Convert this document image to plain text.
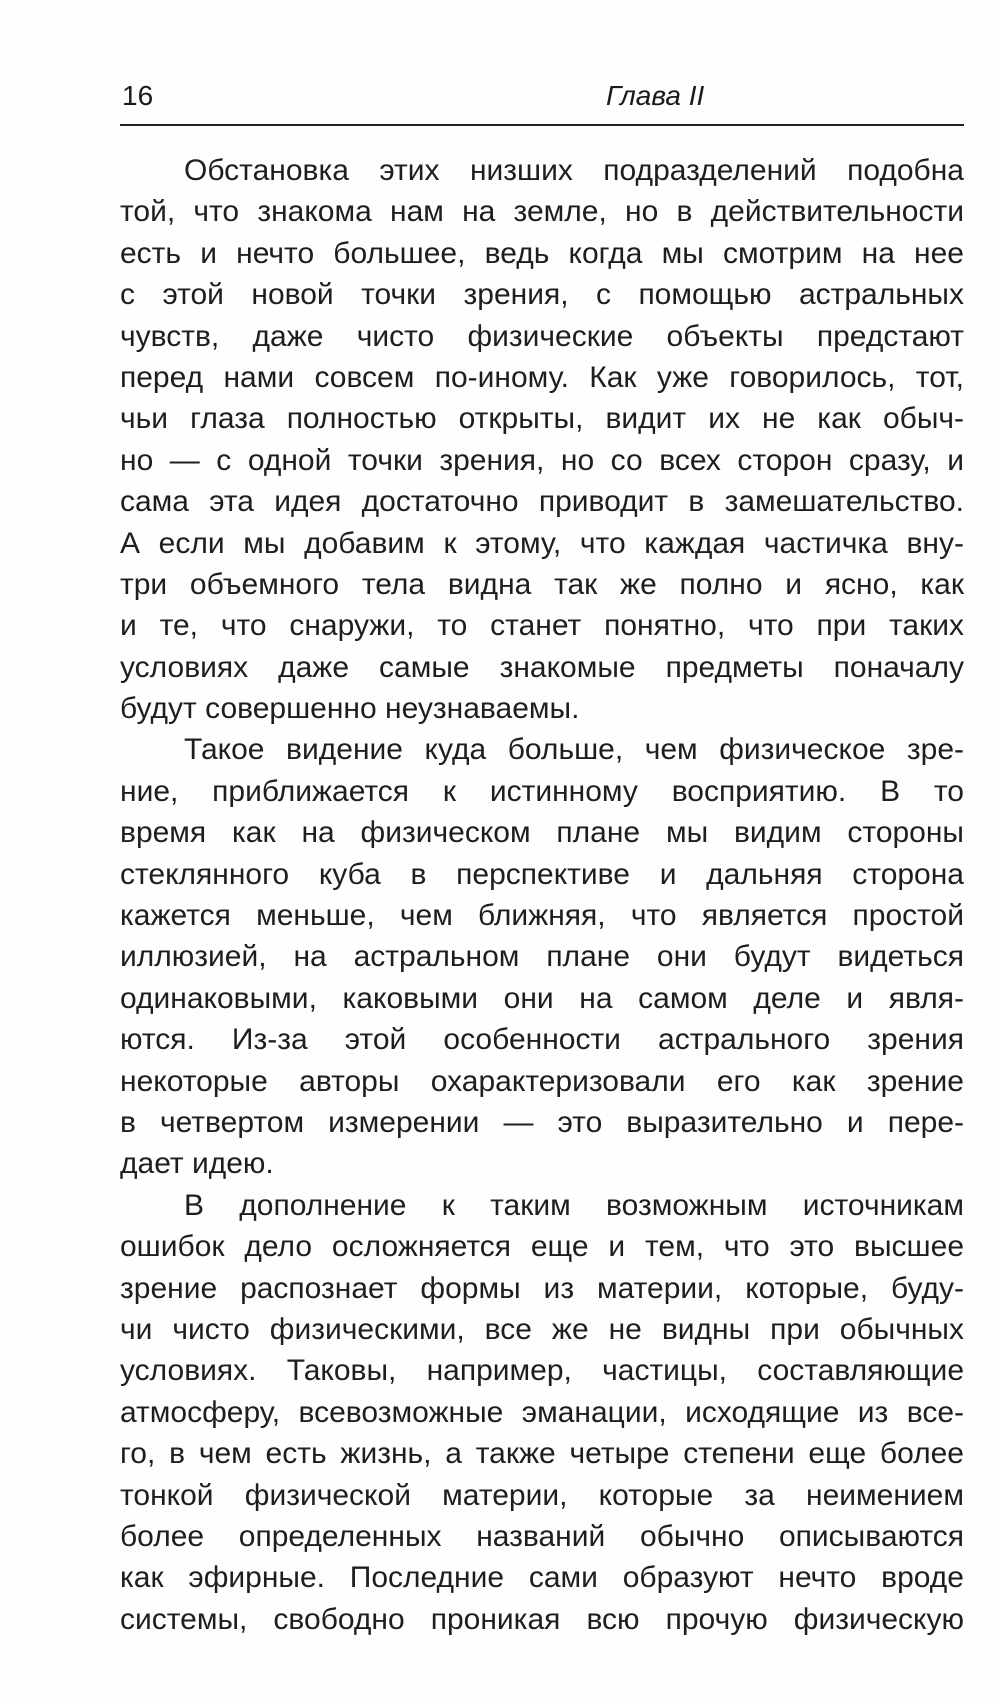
16	Глава II
Обстановка этих низших подразделений подобна
той, что знакома нам на земле, но в действительности
есть и нечто большее, ведь когда мы смотрим на нее
с этой новой точки зрения, с помощью астральных
чувств, даже чисто физические объекты предстают
перед нами совсем по-иному. Как уже говорилось, тот,
чьи глаза полностью открыты, видит их не как обыч-
но — с одной точки зрения, но со всех сторон сразу, и
сама эта идея достаточно приводит в замешательство.
А если мы добавим к этому, что каждая частичка вну-
три объемного тела видна так же полно и ясно, как
и те, что снаружи, то станет понятно, что при таких
условиях даже самые знакомые предметы поначалу
будут совершенно неузнаваемы.
Такое видение куда больше, чем физическое зре-
ние, приближается к истинному восприятию. В то
время как на физическом плане мы видим стороны
стеклянного куба в перспективе и дальняя сторона
кажется меньше, чем ближняя, что является простой
иллюзией, на астральном плане они будут видеться
одинаковыми, каковыми они на самом деле и явля-
ются. Из-за этой особенности астрального зрения
некоторые авторы охарактеризовали его как зрение
в четвертом измерении — это выразительно и пере-
дает идею.
В дополнение к таким возможным источникам
ошибок дело осложняется еще и тем, что это высшее
зрение распознает формы из материи, которые, буду-
чи чисто физическими, все же не видны при обычных
условиях. Таковы, например, частицы, составляющие
атмосферу, всевозможные эманации, исходящие из все-
го, в чем есть жизнь, а также четыре степени еще более
тонкой физической материи, которые за неимением
более определенных названий обычно описываются
как эфирные. Последние сами образуют нечто вроде
системы, свободно проникая всю прочую физическую
